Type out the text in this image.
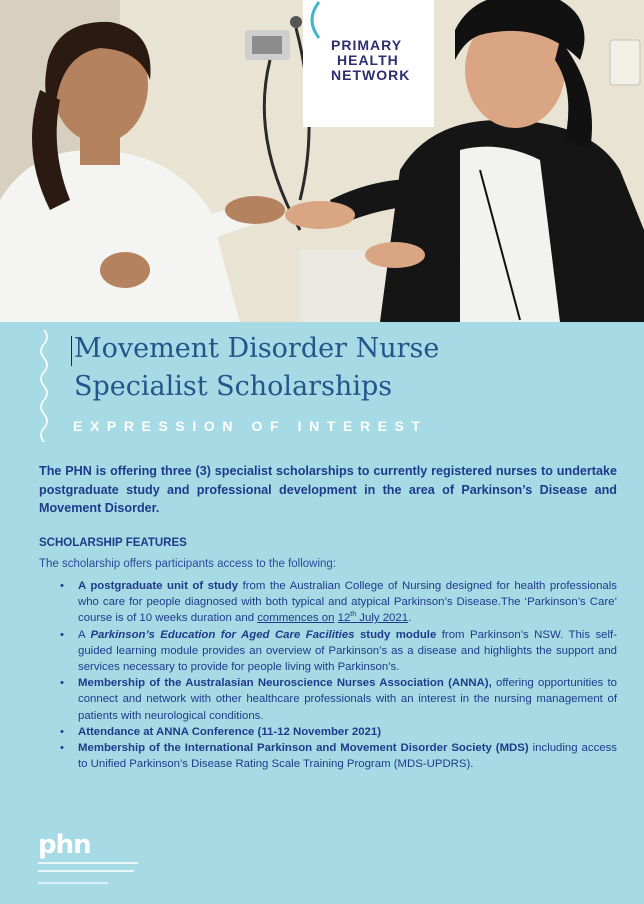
PRIMARY
HEALTH
NETWORK
Movement Disorder Nurse
Specialist Scholarships
EXPRESSION OF INTEREST
The PHN is offering three (3) specialist scholarships to currently registered nurses to undertake postgraduate study and professional development in the area of Parkinson’s Disease and Movement Disorder.
SCHOLARSHIP FEATURES
The scholarship offers participants access to the following:
• A postgraduate unit of study from the Australian College of Nursing designed for health professionals who care for people diagnosed with both typical and atypical Parkinson’s Disease.The ‘Parkinson’s Care’ course is of 10 weeks duration and commences on 12th July 2021.
• A Parkinson’s Education for Aged Care Facilities study module from Parkinson’s NSW. This self-guided learning module provides an overview of Parkinson’s as a disease and highlights the support and services necessary to provide for people living with Parkinson’s.
• Membership of the Australasian Neuroscience Nurses Association (ANNA), offering opportunities to connect and network with other healthcare professionals with an interest in the nursing management of patients with neurological conditions.
• Attendance at ANNA Conference (11-12 November 2021)
• Membership of the International Parkinson and Movement Disorder Society (MDS) including access to Unified Parkinson’s Disease Rating Scale Training Program (MDS-UPDRS).
phn
